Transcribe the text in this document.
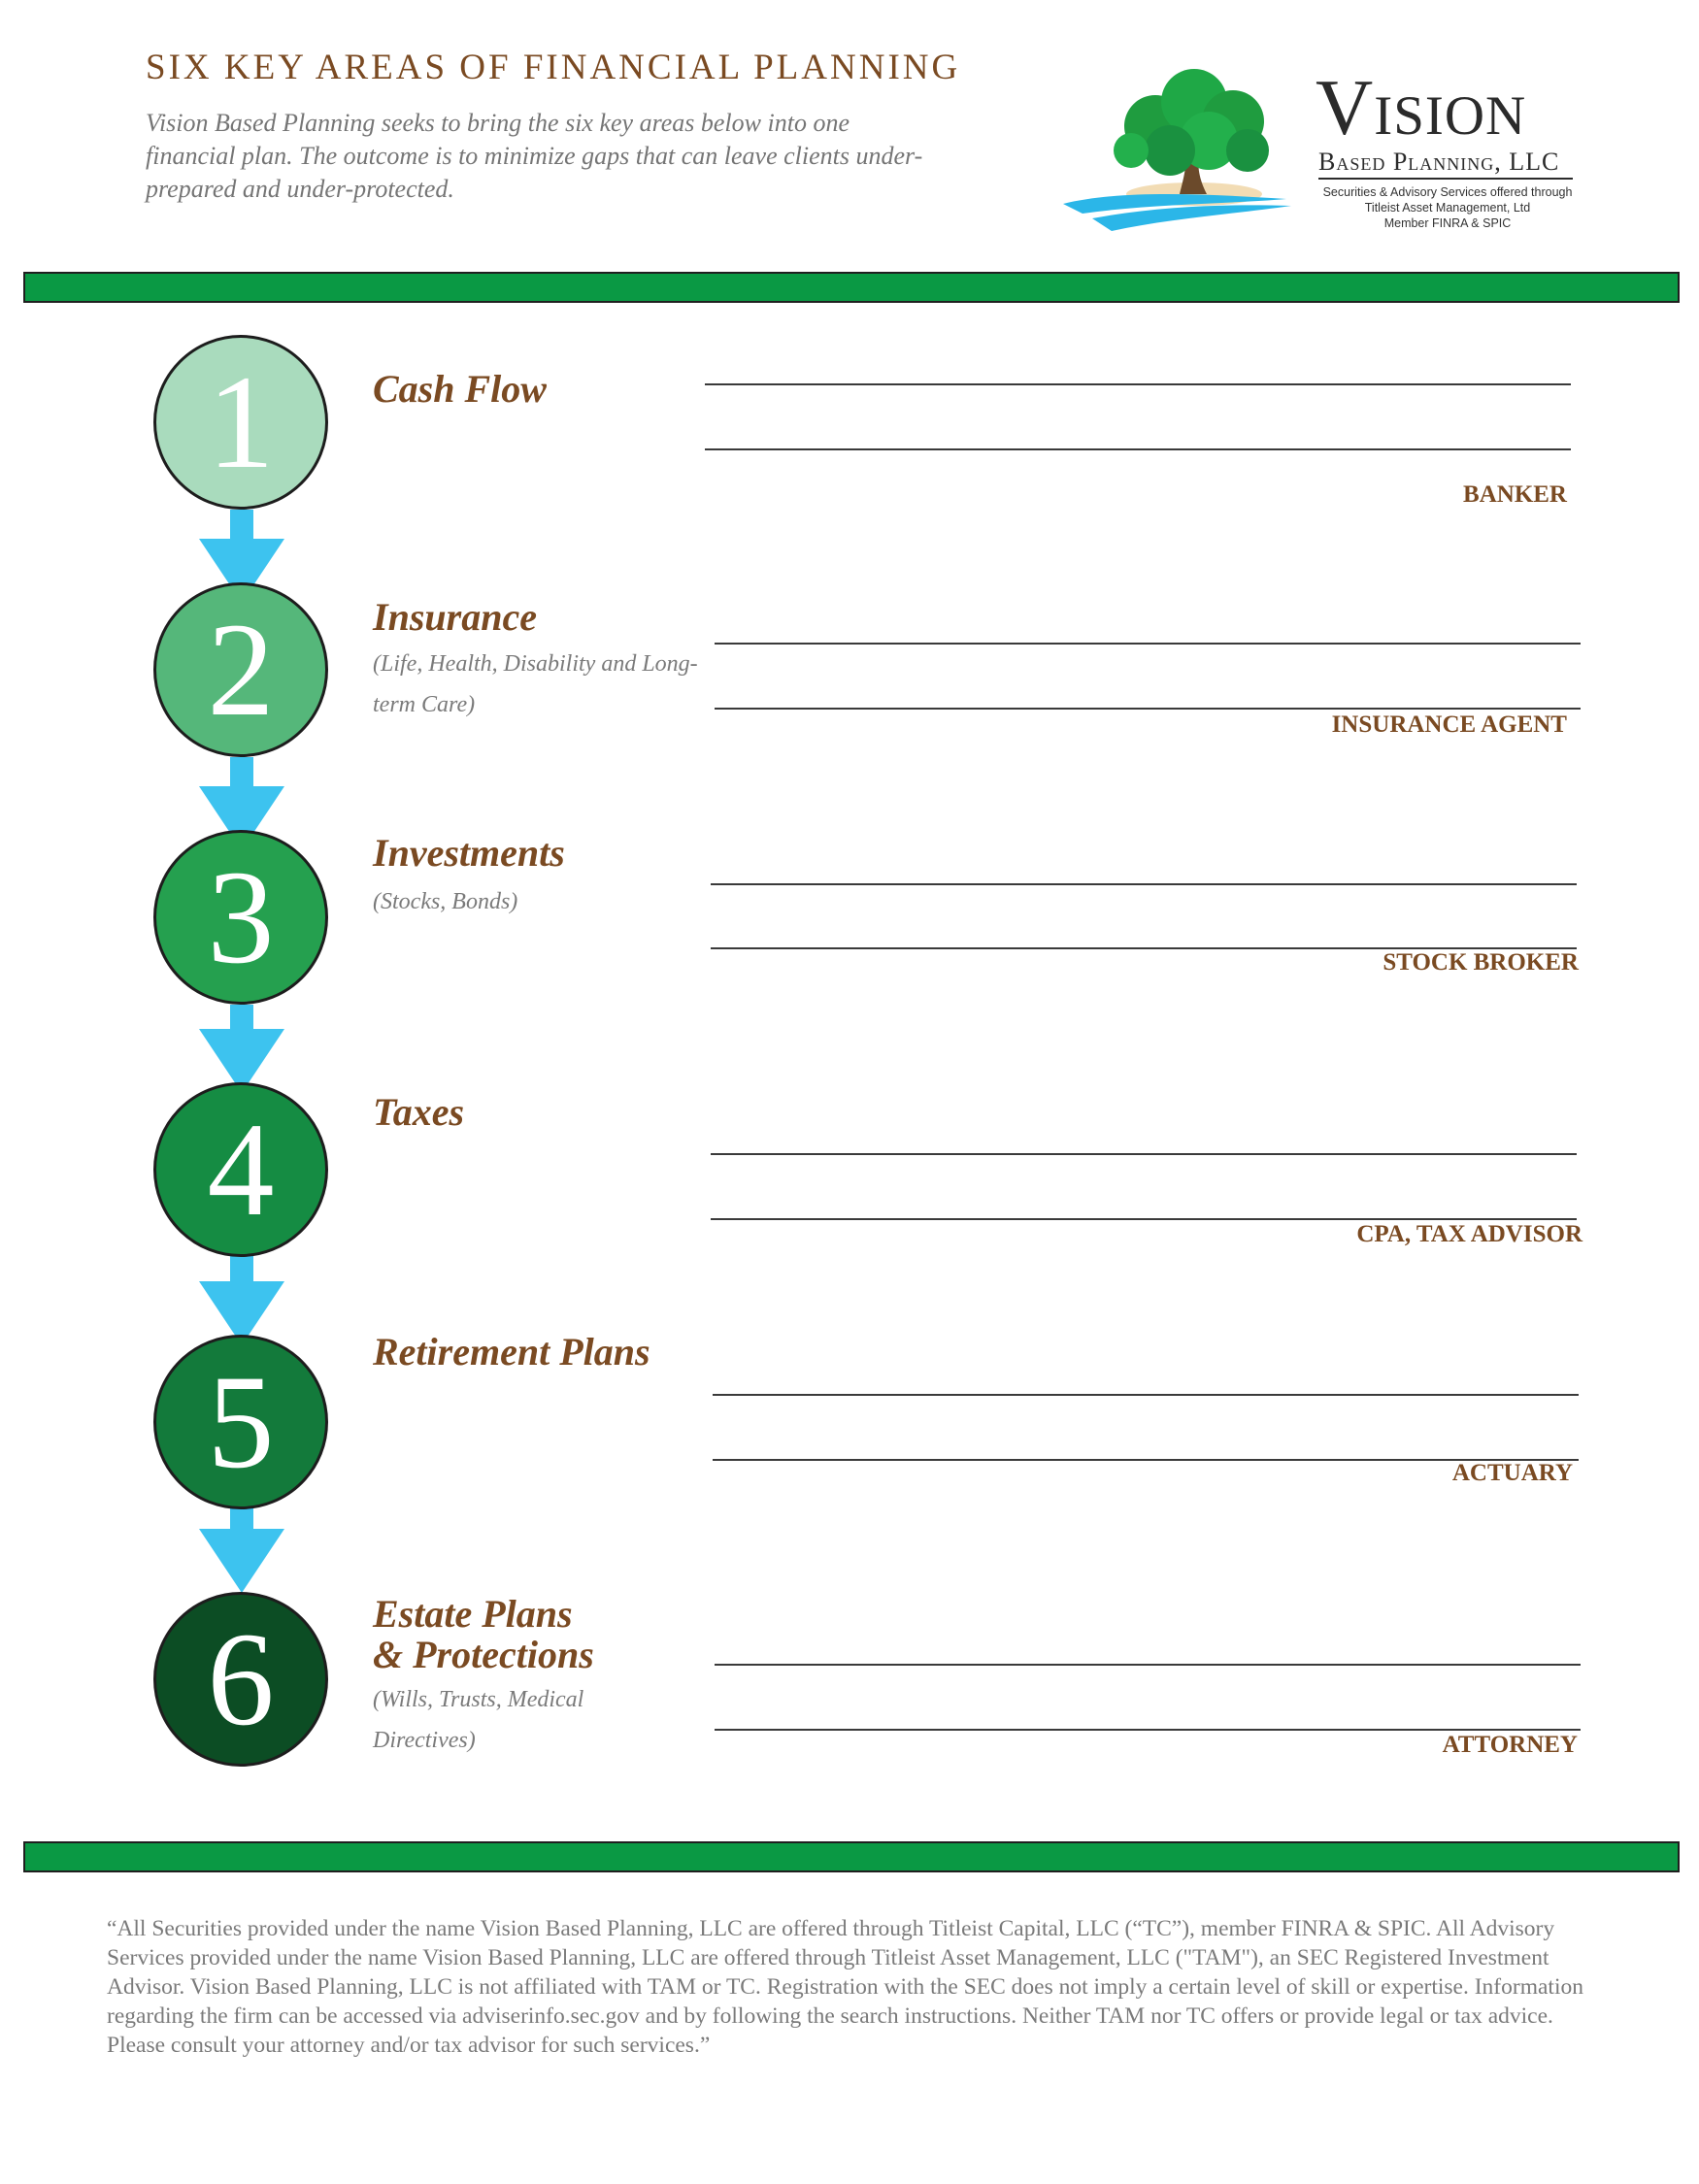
SIX KEY AREAS OF FINANCIAL PLANNING
Vision Based Planning seeks to bring the six key areas below into one financial plan. The outcome is to minimize gaps that can leave clients under-prepared and under-protected.
Vision
Based Planning, LLC
Securities & Advisory Services offered through
Titleist Asset Management, Ltd
Member FINRA & SPIC
1	Cash Flow
BANKER
2	Insurance
(Life, Health, Disability and Long-term Care)
INSURANCE AGENT
3	Investments
(Stocks, Bonds)
STOCK BROKER
4	Taxes
CPA, TAX ADVISOR
5	Retirement Plans
ACTUARY
6	Estate Plans
& Protections
(Wills, Trusts, Medical Directives)	ATTORNEY
“All Securities provided under the name Vision Based Planning, LLC are offered through Titleist Capital, LLC (“TC”), member FINRA & SPIC. All Advisory Services provided under the name Vision Based Planning, LLC are offered through Titleist Asset Management, LLC ("TAM"), an SEC Registered Investment Advisor. Vision Based Planning, LLC is not affiliated with TAM or TC. Registration with the SEC does not imply a certain level of skill or expertise. Information regarding the firm can be accessed via adviserinfo.sec.gov and by following the search instructions. Neither TAM nor TC offers or provide legal or tax advice. Please consult your attorney and/or tax advisor for such services.”
